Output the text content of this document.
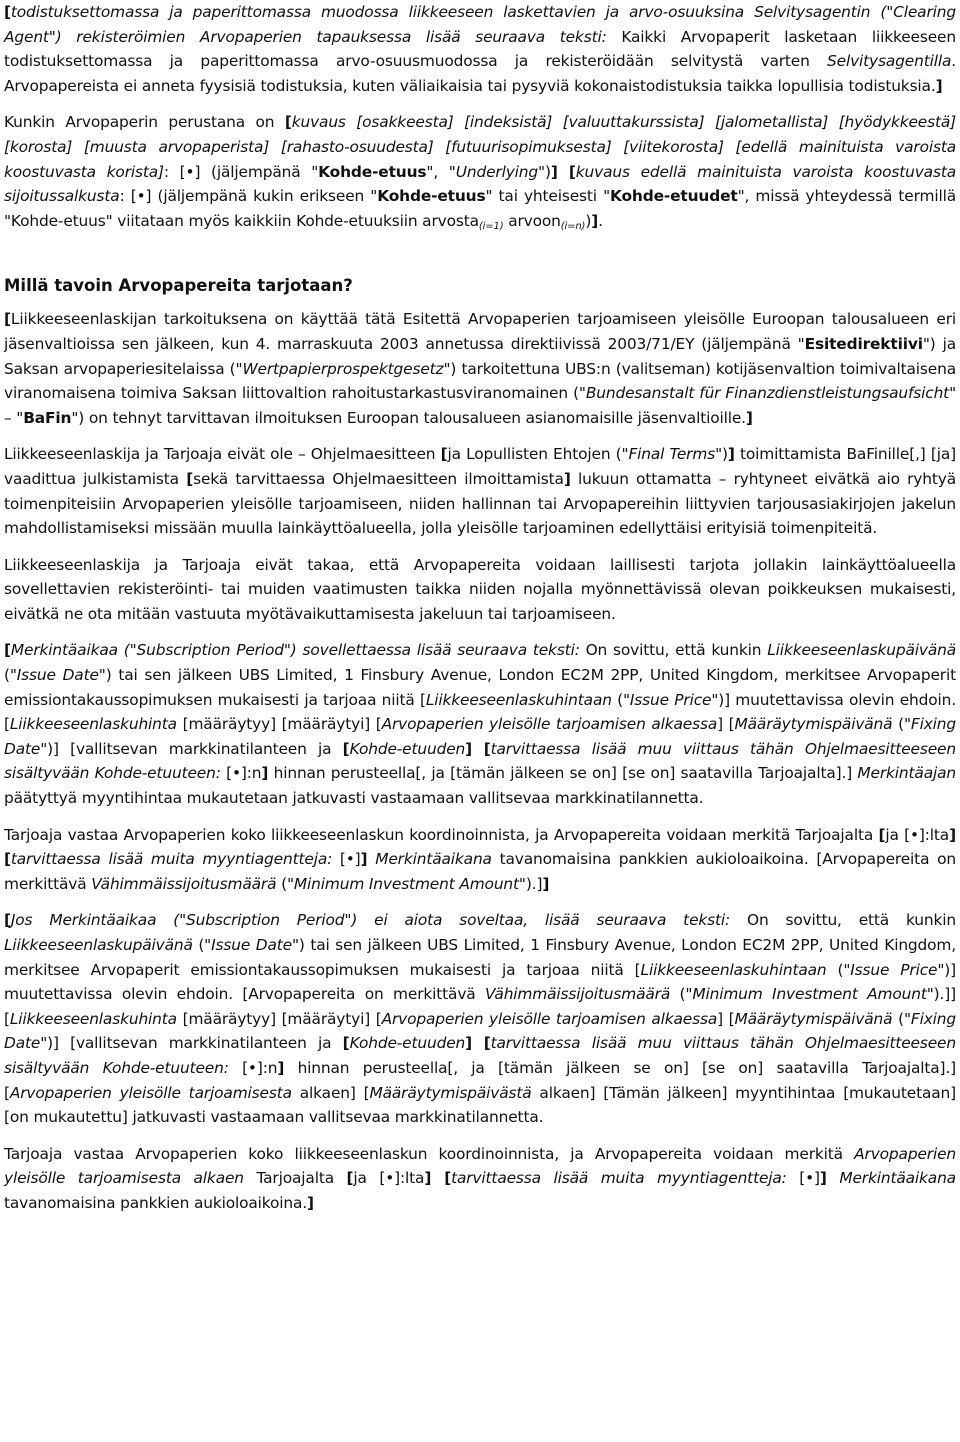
[todistuksettomassa ja paperittomassa muodossa liikkeeseen laskettavien ja arvo-osuuksina Selvitysagentin ("Clearing Agent") rekisteröimien Arvopaperien tapauksessa lisää seuraava teksti: Kaikki Arvopaperit lasketaan liikkeeseen todistuksettomassa ja paperittomassa arvo-osuusmuodossa ja rekisteröidään selvitystä varten Selvitysagentilla. Arvopapereista ei anneta fyysisiä todistuksia, kuten väliaikaisia tai pysyviä kokonaistodistuksia taikka lopullisia todistuksia.]

Kunkin Arvopaperin perustana on [kuvaus [osakkeesta] [indeksistä] [valuuttakurssista] [jalometallista] [hyödykkeestä] [korosta] [muusta arvopaperista] [rahasto-osuudesta] [futuurisopimuksesta] [viitekorosta] [edellä mainituista varoista koostuvasta korista]: [•] (jäljempänä "Kohde-etuus", "Underlying")] [kuvaus edellä mainituista varoista koostuvasta sijoitussalkusta: [•] (jäljempänä kukin erikseen "Kohde-etuus" tai yhteisesti "Kohde-etuudet", missä yhteydessä termillä "Kohde-etuus" viitataan myös kaikkiin Kohde-etuuksiin arvosta(i=1) arvoon(i=n))].

Millä tavoin Arvopapereita tarjotaan?

[Liikkeeseenlaskijan tarkoituksena on käyttää tätä Esitettä Arvopaperien tarjoamiseen yleisölle Euroopan talousalueen eri jäsenvaltioissa sen jälkeen, kun 4. marraskuuta 2003 annetussa direktiivissä 2003/71/EY (jäljempänä "Esitedirektiivi") ja Saksan arvopaperiesitelaissa ("Wertpapierprospektgesetz") tarkoitettuna UBS:n (valitseman) kotijäsenvaltion toimivaltaisena viranomaisena toimiva Saksan liittovaltion rahoitustarkastusviranomainen ("Bundesanstalt für Finanzdienstleistungsaufsicht" – "BaFin") on tehnyt tarvittavan ilmoituksen Euroopan talousalueen asianomaisille jäsenvaltioille.]

Liikkeeseenlaskija ja Tarjoaja eivät ole – Ohjelmaesitteen [ja Lopullisten Ehtojen ("Final Terms")] toimittamista BaFinille[,] [ja] vaadittua julkistamista [sekä tarvittaessa Ohjelmaesitteen ilmoittamista] lukuun ottamatta – ryhtyneet eivätkä aio ryhtyä toimenpiteisiin Arvopaperien yleisölle tarjoamiseen, niiden hallinnan tai Arvopapereihin liittyvien tarjousasiakirjojen jakelun mahdollistamiseksi missään muulla lainkäyttöalueella, jolla yleisölle tarjoaminen edellyttäisi erityisiä toimenpiteitä.

Liikkeeseenlaskija ja Tarjoaja eivät takaa, että Arvopapereita voidaan laillisesti tarjota jollakin lainkäyttöalueella sovellettavien rekisteröinti- tai muiden vaatimusten taikka niiden nojalla myönnettävissä olevan poikkeuksen mukaisesti, eivätkä ne ota mitään vastuuta myötävaikuttamisesta jakeluun tai tarjoamiseen.

[Merkintäaikaa ("Subscription Period") sovellettaessa lisää seuraava teksti: On sovittu, että kunkin Liikkeeseenlaskupäivänä ("Issue Date") tai sen jälkeen UBS Limited, 1 Finsbury Avenue, London EC2M 2PP, United Kingdom, merkitsee Arvopaperit emissiontakaussopimuksen mukaisesti ja tarjoaa niitä [Liikkeeseenlaskuhintaan ("Issue Price")] muutettavissa olevin ehdoin. [Liikkeeseenlaskuhinta [määräytyy] [määräytyi] [Arvopaperien yleisölle tarjoamisen alkaessa] [Määräytymispäivänä ("Fixing Date")] [vallitsevan markkinatilanteen ja [Kohde-etuuden] [tarvittaessa lisää muu viittaus tähän Ohjelmaesitteeseen sisältyvään Kohde-etuuteen: [•]:n] hinnan perusteella[, ja [tämän jälkeen se on] [se on] saatavilla Tarjoajalta].] Merkintäajan päätyttyä myyntihintaa mukautetaan jatkuvasti vastaamaan vallitsevaa markkinatilannetta.

Tarjoaja vastaa Arvopaperien koko liikkeeseenlaskun koordinoinnista, ja Arvopapereita voidaan merkitä Tarjoajalta [ja [•]:lta] [tarvittaessa lisää muita myyntiagentteja: [•]] Merkintäaikana tavanomaisina pankkien aukioloaikoina. [Arvopapereita on merkittävä Vähimmäissijoitusmäärä ("Minimum Investment Amount").]]

[Jos Merkintäaikaa ("Subscription Period") ei aiota soveltaa, lisää seuraava teksti: On sovittu, että kunkin Liikkeeseenlaskupäivänä ("Issue Date") tai sen jälkeen UBS Limited, 1 Finsbury Avenue, London EC2M 2PP, United Kingdom, merkitsee Arvopaperit emissiontakaussopimuksen mukaisesti ja tarjoaa niitä [Liikkeeseenlaskuhintaan ("Issue Price")] muutettavissa olevin ehdoin. [Arvopapereita on merkittävä Vähimmäissijoitusmäärä ("Minimum Investment Amount").]] [Liikkeeseenlaskuhinta [määräytyy] [määräytyi] [Arvopaperien yleisölle tarjoamisen alkaessa] [Määräytymispäivänä ("Fixing Date")] [vallitsevan markkinatilanteen ja [Kohde-etuuden] [tarvittaessa lisää muu viittaus tähän Ohjelmaesitteeseen sisältyvään Kohde-etuuteen: [•]:n] hinnan perusteella[, ja [tämän jälkeen se on] [se on] saatavilla Tarjoajalta].] [Arvopaperien yleisölle tarjoamisesta alkaen] [Määräytymispäivästä alkaen] [Tämän jälkeen] myyntihintaa [mukautetaan] [on mukautettu] jatkuvasti vastaamaan vallitsevaa markkinatilannetta.

Tarjoaja vastaa Arvopaperien koko liikkeeseenlaskun koordinoinnista, ja Arvopapereita voidaan merkitä Arvopaperien yleisölle tarjoamisesta alkaen Tarjoajalta [ja [•]:lta] [tarvittaessa lisää muita myyntiagentteja: [•]] Merkintäaikana tavanomaisina pankkien aukioloaikoina.]
